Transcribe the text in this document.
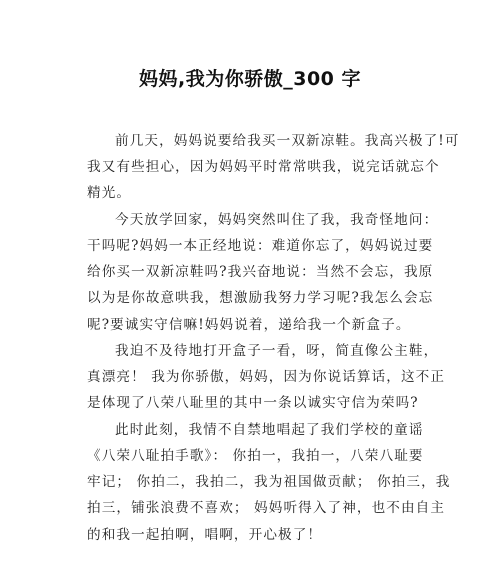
妈妈,我为你骄傲_300 字
前几天，妈妈说要给我买一双新凉鞋。我高兴极了!可
我又有些担心，因为妈妈平时常常哄我，说完话就忘个
精光。
今天放学回家，妈妈突然叫住了我，我奇怪地问：
干吗呢?妈妈一本正经地说：难道你忘了，妈妈说过要
给你买一双新凉鞋吗?我兴奋地说：当然不会忘，我原
以为是你故意哄我，想激励我努力学习呢?我怎么会忘
呢?要诚实守信嘛!妈妈说着，递给我一个新盒子。
我迫不及待地打开盒子一看，呀，简直像公主鞋，
真漂亮！ 我为你骄傲，妈妈，因为你说话算话，这不正
是体现了八荣八耻里的其中一条以诚实守信为荣吗?
此时此刻，我情不自禁地唱起了我们学校的童谣
《八荣八耻拍手歌》： 你拍一，我拍一，八荣八耻要
牢记； 你拍二，我拍二，我为祖国做贡献； 你拍三，我
拍三，铺张浪费不喜欢； 妈妈听得入了神，也不由自主
的和我一起拍啊，唱啊，开心极了！
